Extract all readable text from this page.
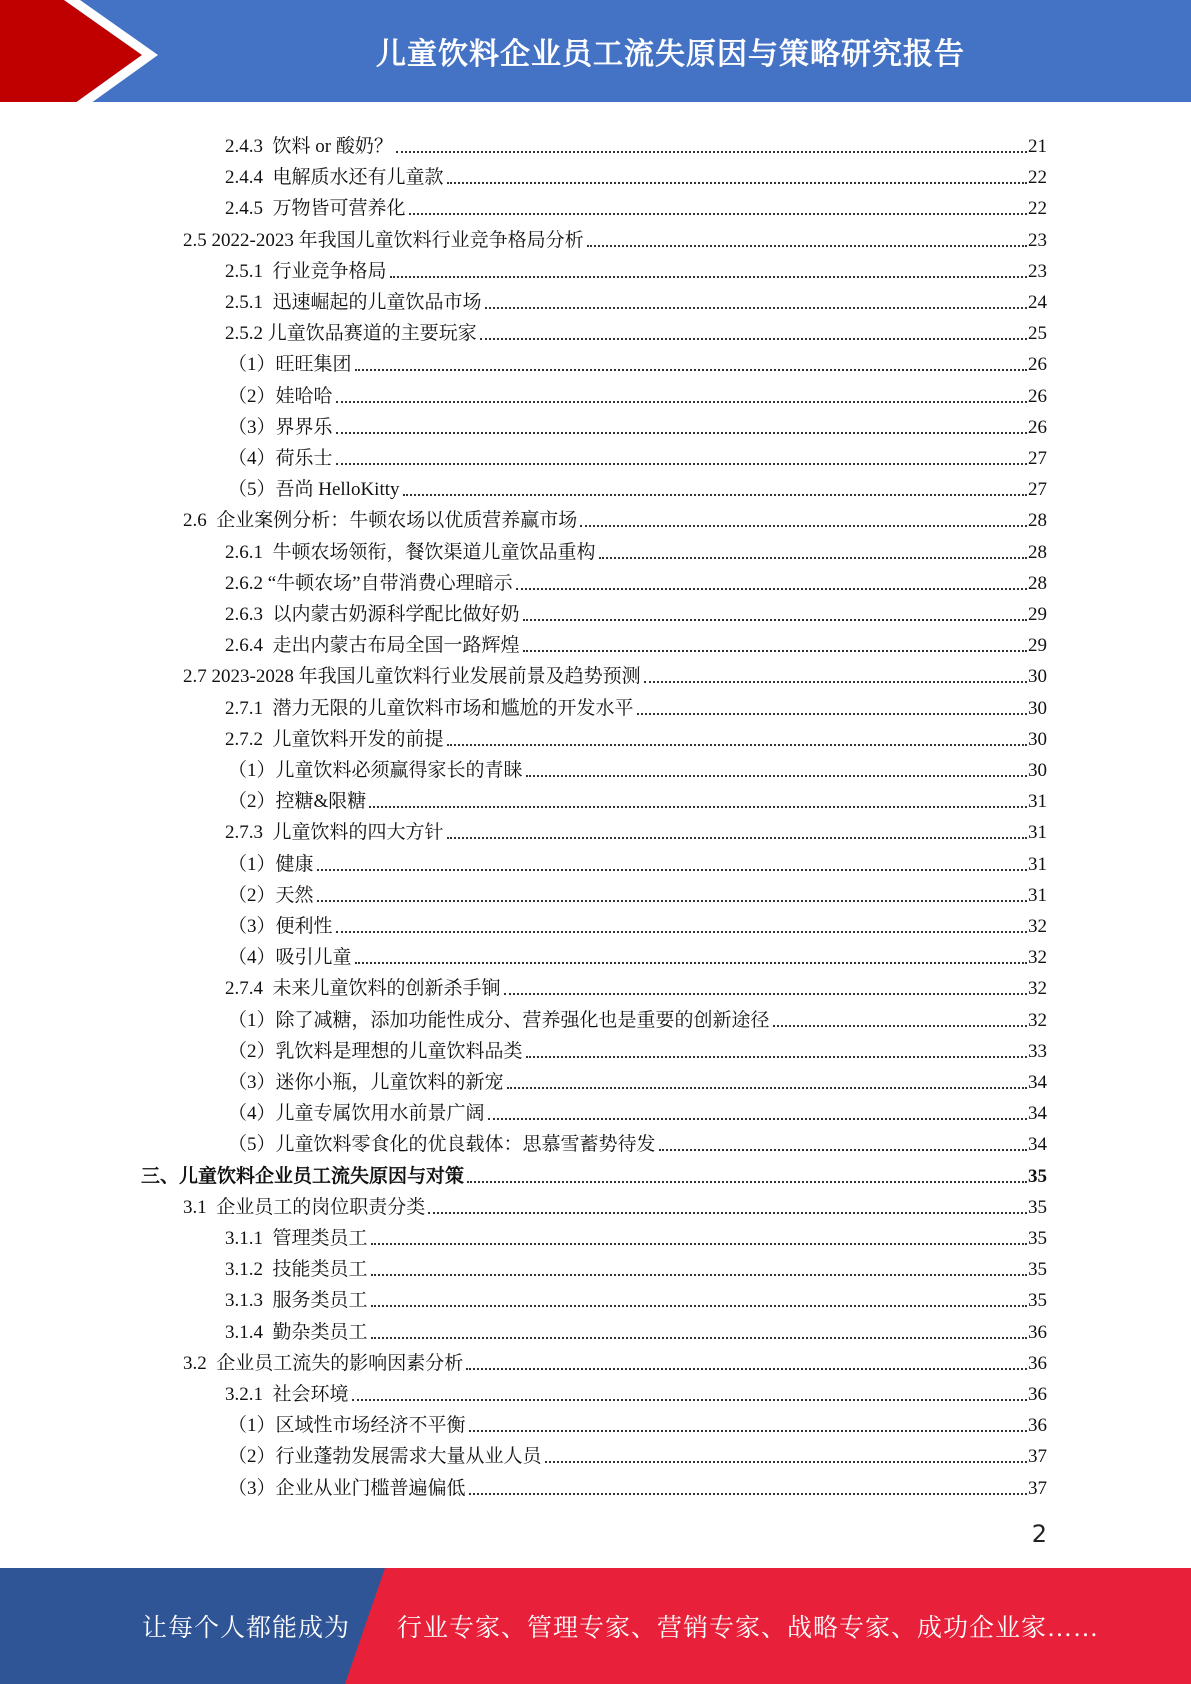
儿童饮料企业员工流失原因与策略研究报告
2.4.3  饮料 or 酸奶？	21
2.4.4  电解质水还有儿童款	22
2.4.5  万物皆可营养化	22
2.5 2022-2023 年我国儿童饮料行业竞争格局分析	23
2.5.1  行业竞争格局	23
2.5.1  迅速崛起的儿童饮品市场	24
2.5.2 儿童饮品赛道的主要玩家	25
（1）旺旺集团	26
（2）娃哈哈	26
（3）界界乐	26
（4）荷乐士	27
（5）吾尚 HelloKitty	27
2.6  企业案例分析：牛顿农场以优质营养赢市场	28
2.6.1  牛顿农场领衔，餐饮渠道儿童饮品重构	28
2.6.2 “牛顿农场”自带消费心理暗示	28
2.6.3  以内蒙古奶源科学配比做好奶	29
2.6.4  走出内蒙古布局全国一路辉煌	29
2.7 2023-2028 年我国儿童饮料行业发展前景及趋势预测	30
2.7.1  潜力无限的儿童饮料市场和尴尬的开发水平	30
2.7.2  儿童饮料开发的前提	30
（1）儿童饮料必须赢得家长的青睐	30
（2）控糖&限糖	31
2.7.3  儿童饮料的四大方针	31
（1）健康	31
（2）天然	31
（3）便利性	32
（4）吸引儿童	32
2.7.4  未来儿童饮料的创新杀手锏	32
（1）除了减糖，添加功能性成分、营养强化也是重要的创新途径	32
（2）乳饮料是理想的儿童饮料品类	33
（3）迷你小瓶，儿童饮料的新宠	34
（4）儿童专属饮用水前景广阔	34
（5）儿童饮料零食化的优良载体：思慕雪蓄势待发	34
三、儿童饮料企业员工流失原因与对策	35
3.1  企业员工的岗位职责分类	35
3.1.1  管理类员工	35
3.1.2  技能类员工	35
3.1.3  服务类员工	35
3.1.4  勤杂类员工	36
3.2  企业员工流失的影响因素分析	36
3.2.1  社会环境	36
（1）区域性市场经济不平衡	36
（2）行业蓬勃发展需求大量从业人员	37
（3）企业从业门槛普遍偏低	37
2
让每个人都能成为 行业专家、管理专家、营销专家、战略专家、成功企业家……
